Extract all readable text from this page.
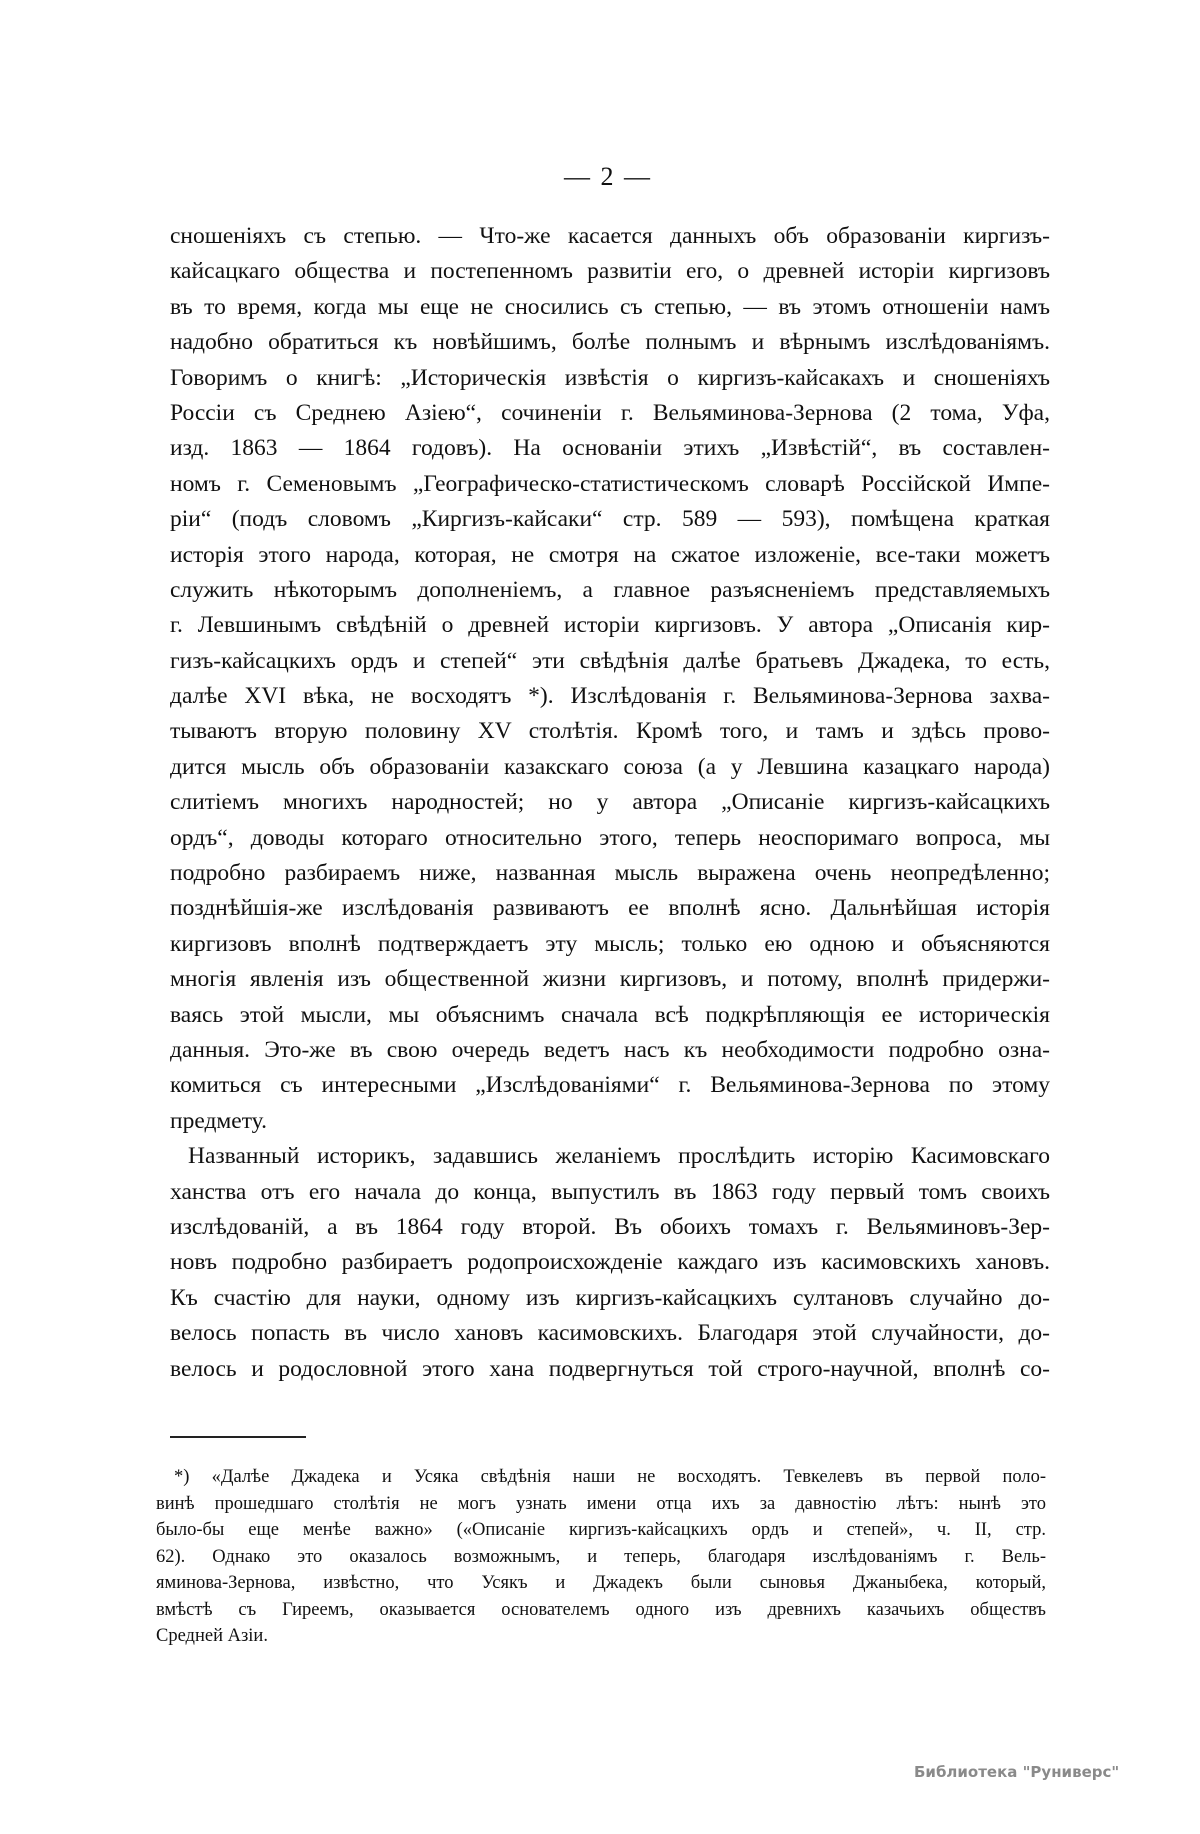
— 2 —
сношенiяхъ съ степью. — Что-же касается данныхъ объ образованiи киргизъ-
кайсацкаго общества и постепенномъ развитiи его, о древней исторiи киргизовъ
въ то время, когда мы еще не сносились съ степью, — въ этомъ отношенiи намъ
надобно обратиться къ новѣйшимъ, болѣе полнымъ и вѣрнымъ изслѣдованiямъ.
Говоримъ о книгѣ: „Историческiя извѣстiя о киргизъ-кайсакахъ и сношенiяхъ
Россiи съ Среднею Азiею“, сочиненiи г. Вельяминова-Зернова (2 тома, Уфа,
изд. 1863 — 1864 годовъ). На основанiи этихъ „Извѣстiй“, въ составлен-
номъ г. Семеновымъ „Географическо-статистическомъ словарѣ Россiйской Импе-
рiи“ (подъ словомъ „Киргизъ-кайсаки“ стр. 589 — 593), помѣщена краткая
исторiя этого народа, которая, не смотря на сжатое изложенiе, все-таки можетъ
служить нѣкоторымъ дополненiемъ, а главное разъясненiемъ представляемыхъ
г. Левшинымъ свѣдѣнiй о древней исторiи киргизовъ. У автора „Описанiя кир-
гизъ-кайсацкихъ ордъ и степей“ эти свѣдѣнiя далѣе братьевъ Джадека, то есть,
далѣе XVI вѣка, не восходятъ *). Изслѣдованiя г. Вельяминова-Зернова захва-
тываютъ вторую половину XV столѣтiя. Кромѣ того, и тамъ и здѣсь прово-
дится мысль объ образованiи казакскаго союза (а у Левшина казацкаго народа)
слитiемъ многихъ народностей; но у автора „Описанiе киргизъ-кайсацкихъ
ордъ“, доводы котораго относительно этого, теперь неоспоримаго вопроса, мы
подробно разбираемъ ниже, названная мысль выражена очень неопредѣленно;
позднѣйшiя-же изслѣдованiя развиваютъ ее вполнѣ ясно. Дальнѣйшая исторiя
киргизовъ вполнѣ подтверждаетъ эту мысль; только ею одною и объясняются
многiя явленiя изъ общественной жизни киргизовъ, и потому, вполнѣ придержи-
ваясь этой мысли, мы объяснимъ сначала всѣ подкрѣпляющiя ее историческiя
данныя. Это-же въ свою очередь ведетъ насъ къ необходимости подробно озна-
комиться съ интересными „Изслѣдованiями“ г. Вельяминова-Зернова по этому
предмету.
Названный историкъ, задавшись желанiемъ прослѣдить исторiю Касимовскаго
ханства отъ его начала до конца, выпустилъ въ 1863 году первый томъ своихъ
изслѣдованiй, а въ 1864 году второй. Въ обоихъ томахъ г. Вельяминовъ-Зер-
новъ подробно разбираетъ родопроисхожденiе каждаго изъ касимовскихъ хановъ.
Къ счастiю для науки, одному изъ киргизъ-кайсацкихъ султановъ случайно до-
велось попасть въ число хановъ касимовскихъ. Благодаря этой случайности, до-
велось и родословной этого хана подвергнуться той строго-научной, вполнѣ со-
*) «Далѣе Джадека и Усяка свѣдѣнiя наши не восходятъ. Тевкелевъ въ первой поло-
винѣ прошедшаго столѣтiя не могъ узнать имени отца ихъ за давностiю лѣтъ: нынѣ это
было-бы еще менѣе важно» («Описанiе киргизъ-кайсацкихъ ордъ и степей», ч. II, стр.
62). Однако это оказалось возможнымъ, и теперь, благодаря изслѣдованiямъ г. Вель-
яминова-Зернова, извѣстно, что Усякъ и Джадекъ были сыновья Джаныбека, который,
вмѣстѣ съ Гиреемъ, оказывается основателемъ одного изъ древнихъ казачьихъ обществъ
Средней Азiи.
Библиотека "Руниверс"
